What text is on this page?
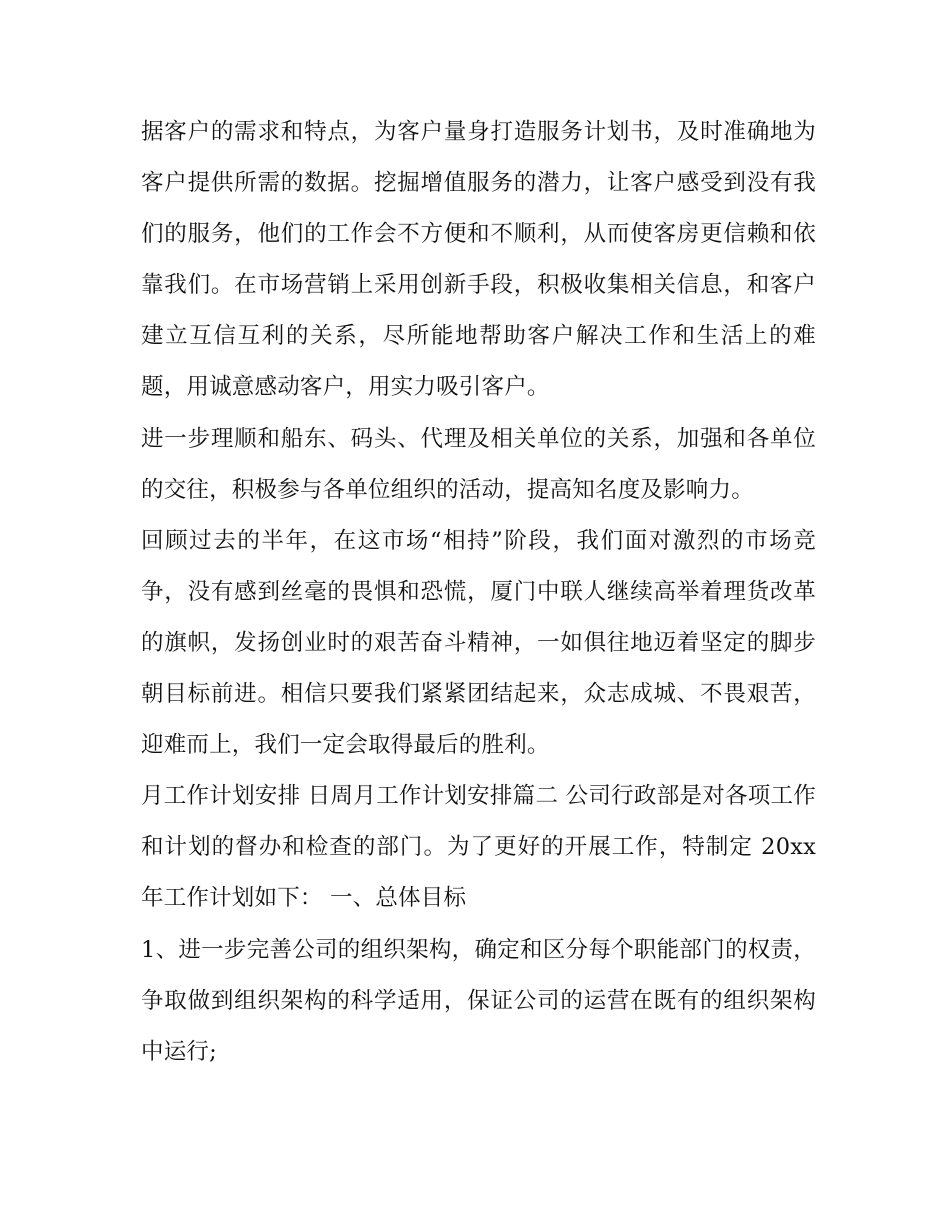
据客户的需求和特点，为客户量身打造服务计划书，及时准确地为客户提供所需的数据。挖掘增值服务的潜力，让客户感受到没有我们的服务，他们的工作会不方便和不顺利，从而使客房更信赖和依靠我们。在市场营销上采用创新手段，积极收集相关信息，和客户建立互信互利的关系，尽所能地帮助客户解决工作和生活上的难题，用诚意感动客户，用实力吸引客户。

进一步理顺和船东、码头、代理及相关单位的关系，加强和各单位的交往，积极参与各单位组织的活动，提高知名度及影响力。

回顾过去的半年，在这市场“相持”阶段，我们面对激烈的市场竞争，没有感到丝毫的畏惧和恐慌，厦门中联人继续高举着理货改革的旗帜，发扬创业时的艰苦奋斗精神，一如俱往地迈着坚定的脚步朝目标前进。相信只要我们紧紧团结起来，众志成城、不畏艰苦，迎难而上，我们一定会取得最后的胜利。

月工作计划安排 日周月工作计划安排篇二 公司行政部是对各项工作和计划的督办和检查的部门。为了更好的开展工作，特制定 20xx 年工作计划如下： 一、总体目标

1、进一步完善公司的组织架构，确定和区分每个职能部门的权责，争取做到组织架构的科学适用，保证公司的运营在既有的组织架构中运行;
